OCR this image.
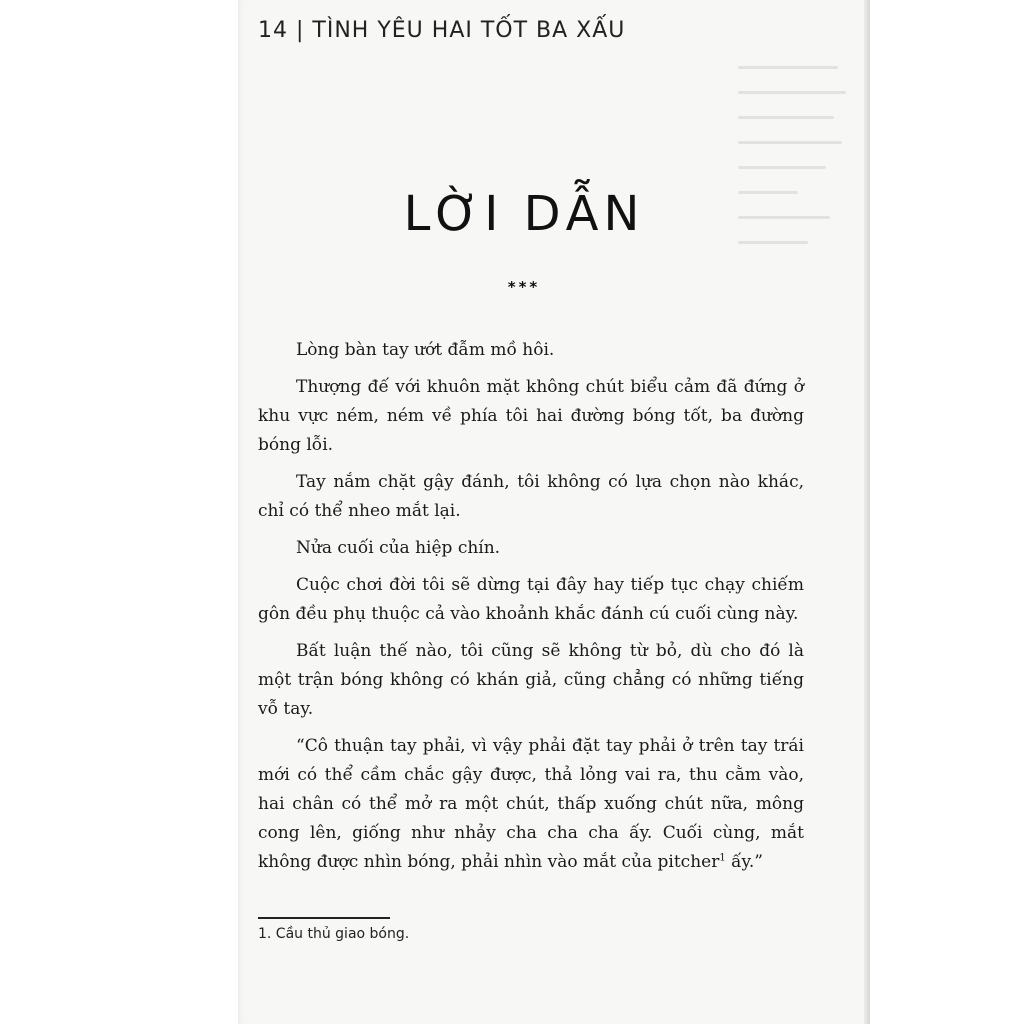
14 | TÌNH YÊU HAI TỐT BA XẤU
LỜI DẪN
***

Lòng bàn tay ướt đẫm mồ hôi.

Thượng đế với khuôn mặt không chút biểu cảm đã đứng ở khu vực ném, ném về phía tôi hai đường bóng tốt, ba đường bóng lỗi.

Tay nắm chặt gậy đánh, tôi không có lựa chọn nào khác, chỉ có thể nheo mắt lại.

Nửa cuối của hiệp chín.

Cuộc chơi đời tôi sẽ dừng tại đây hay tiếp tục chạy chiếm gôn đều phụ thuộc cả vào khoảnh khắc đánh cú cuối cùng này.

Bất luận thế nào, tôi cũng sẽ không từ bỏ, dù cho đó là một trận bóng không có khán giả, cũng chẳng có những tiếng vỗ tay.

“Cô thuận tay phải, vì vậy phải đặt tay phải ở trên tay trái mới có thể cầm chắc gậy được, thả lỏng vai ra, thu cằm vào, hai chân có thể mở ra một chút, thấp xuống chút nữa, mông cong lên, giống như nhảy cha cha cha ấy. Cuối cùng, mắt không được nhìn bóng, phải nhìn vào mắt của pitcher$^1$ ấy.”

1. Cầu thủ giao bóng.
